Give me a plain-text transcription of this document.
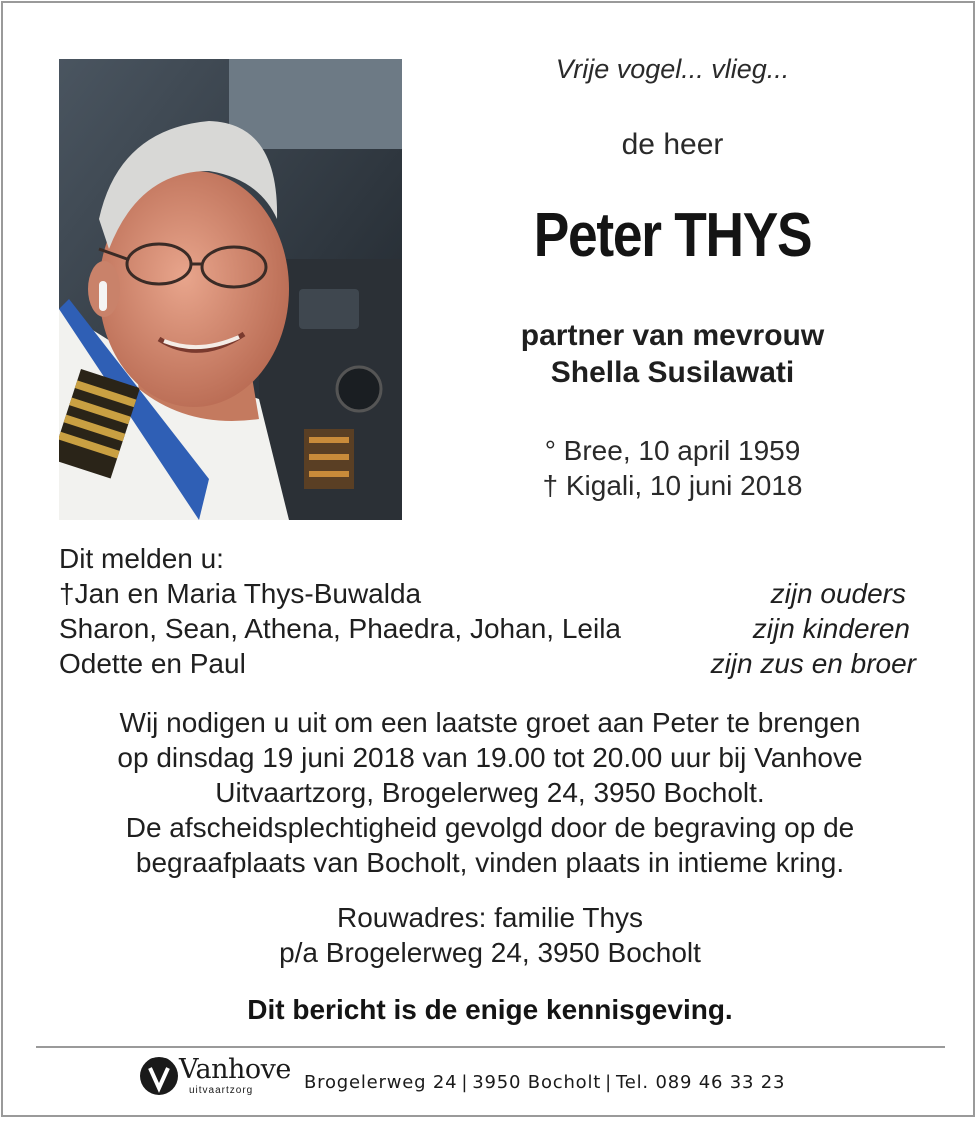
Vrije vogel... vlieg...
de heer
Peter THYS
partner van mevrouw
Shella Susilawati
° Bree, 10 april 1959
† Kigali, 10 juni 2018
Dit melden u:
†Jan en Maria Thys-Buwalda	zijn ouders
Sharon, Sean, Athena, Phaedra, Johan, Leila	zijn kinderen
Odette en Paul	zijn zus en broer
Wij nodigen u uit om een laatste groet aan Peter te brengen
op dinsdag 19 juni 2018 van 19.00 tot 20.00 uur bij Vanhove
Uitvaartzorg, Brogelerweg 24, 3950 Bocholt.
De afscheidsplechtigheid gevolgd door de begraving op de
begraafplaats van Bocholt, vinden plaats in intieme kring.
Rouwadres: familie Thys
p/a Brogelerweg 24, 3950 Bocholt
Dit bericht is de enige kennisgeving.
Vanhove
uitvaartzorg	Brogelerweg 24 | 3950 Bocholt | Tel. 089 46 33 23
